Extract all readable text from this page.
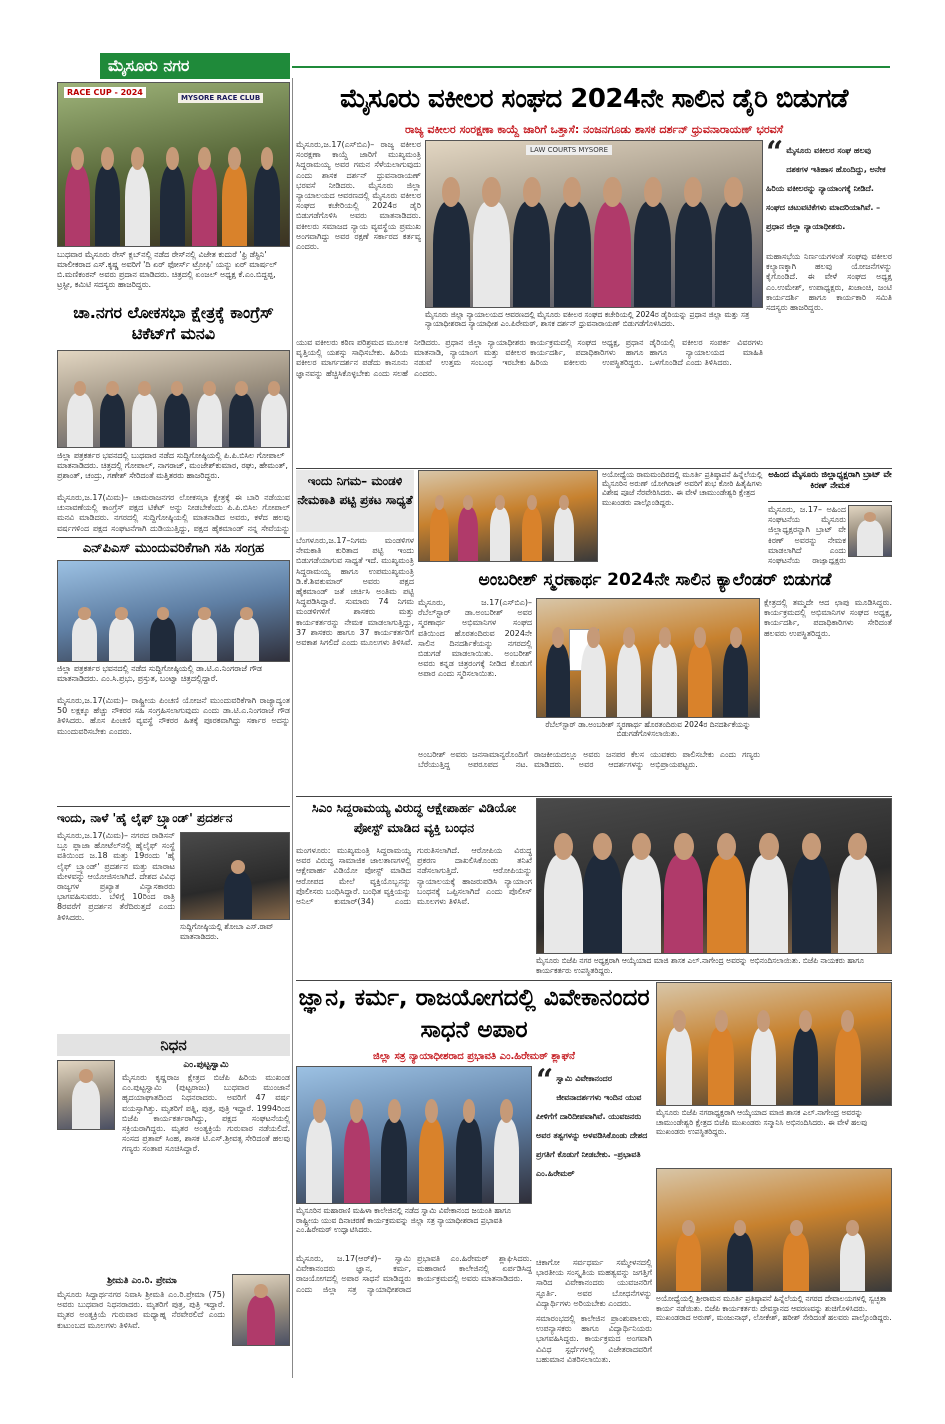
ಮೈಸೂರು ನಗರ
RACE CUP - 2024
MYSORE RACE CLUB
ಬುಧವಾರ ಮೈಸೂರು ರೇಸ್ ಕ್ಲಬ್‌ನಲ್ಲಿ ನಡೆದ ರೇಸ್‌ನಲ್ಲಿ ವಿಜೇತ ಕುದುರೆ 'ಫ್ರಿ ಡೆಸ್ಟಿನಿ' ಮಾಲೀಕರಾದ ಎಸ್.ಕೃಷ್ಣ ಅವರಿಗೆ 'ದಿ ಏರ್ ಫೋರ್ಸ್ ಟ್ರೋಫಿ' ಯನ್ನು ಏರ್ ಮಾರ್ಷಲ್ ಬಿ.ಮಣಿಕಂಠನ್ ಅವರು ಪ್ರದಾನ ಮಾಡಿದರು. ಚಿತ್ರದಲ್ಲಿ ಏಂಜಲ್ ಅಧ್ಯಕ್ಷ ಕೆ.ಎಂ.ಬಿದ್ದಪ್ಪ, ಟ್ರಸ್ಟೀ, ಕಮಿಟಿ ಸದಸ್ಯರು ಹಾಜರಿದ್ದರು.
ಚಾ.ನಗರ ಲೋಕಸಭಾ ಕ್ಷೇತ್ರಕ್ಕೆ ಕಾಂಗ್ರೆಸ್ ಟಿಕೆಟ್‌ಗೆ ಮನವಿ
ಜಿಲ್ಲಾ ಪತ್ರಕರ್ತರ ಭವನದಲ್ಲಿ ಬುಧವಾರ ನಡೆದ ಸುದ್ದಿಗೋಷ್ಠಿಯಲ್ಲಿ ಪಿ.ಪಿ.ಬಿಸಿಲ ಗೋಪಾಲ್ ಮಾತನಾಡಿದರು. ಚಿತ್ರದಲ್ಲಿ ಗೋಪಾಲ್, ನಾಗರಾಜ್, ಮಂಜೇಶ್‌ಕುಮಾರ, ರಘು, ಹೇಮಂತ್, ಪ್ರಶಾಂತ್, ಚಂದ್ರು, ಗಣೇಶ್ ಸೇರಿದಂತೆ ಮತ್ತಿತರರು ಹಾಜರಿದ್ದರು.
ಮೈಸೂರು,ಜ.17(ಮಿಮ)– ಚಾಮರಾಜನಗರ ಲೋಕಸಭಾ ಕ್ಷೇತ್ರಕ್ಕೆ ಈ ಬಾರಿ ನಡೆಯುವ ಚುನಾವಣೆಯಲ್ಲಿ ಕಾಂಗ್ರೆಸ್ ಪಕ್ಷದ ಟಿಕೆಟ್ ಅನ್ನು ನೀಡಬೇಕೆಂದು ಪಿ.ಪಿ.ಬಿಸಿಲ ಗೋಪಾಲ್ ಮನವಿ ಮಾಡಿದರು. ನಗರದಲ್ಲಿ ಸುದ್ದಿಗೋಷ್ಠಿಯಲ್ಲಿ ಮಾತನಾಡಿದ ಅವರು, ಕಳೆದ ಹಲವು ವರ್ಷಗಳಿಂದ ಪಕ್ಷದ ಸಂಘಟನೆಗಾಗಿ ದುಡಿಯುತ್ತಿದ್ದು, ಪಕ್ಷದ ಹೈಕಮಾಂಡ್ ನನ್ನ ಸೇವೆಯನ್ನು
ಎನ್‌ಪಿಎಸ್ ಮುಂದುವರಿಕೆಗಾಗಿ ಸಹಿ ಸಂಗ್ರಹ
ಜಿಲ್ಲಾ ಪತ್ರಕರ್ತರ ಭವನದಲ್ಲಿ ನಡೆದ ಸುದ್ದಿಗೋಷ್ಠಿಯಲ್ಲಿ ಡಾ.ಟಿ.ಎ.ನಿಂಗರಾಜೆ ಗೌಡ ಮಾತನಾಡಿದರು. ಎಂ.ಸಿ.ಪ್ರಭು, ಪ್ರಸ್ತುತ, ಬಂಟ್ವಾ ಚಿತ್ರದಲ್ಲಿದ್ದಾರೆ.
ಮೈಸೂರು,ಜ.17(ಮಿಮ)– ರಾಷ್ಟ್ರೀಯ ಪಿಂಚಣಿ ಯೋಜನೆ ಮುಂದುವರಿಕೆಗಾಗಿ ರಾಜ್ಯಾದ್ಯಂತ 50 ಲಕ್ಷಕ್ಕೂ ಹೆಚ್ಚು ನೌಕರರ ಸಹಿ ಸಂಗ್ರಹಿಸಲಾಗುವುದು ಎಂದು ಡಾ.ಟಿ.ಎ.ನಿಂಗರಾಜೆ ಗೌಡ ತಿಳಿಸಿದರು. ಹೊಸ ಪಿಂಚಣಿ ವ್ಯವಸ್ಥೆ ನೌಕರರ ಹಿತಕ್ಕೆ ಪೂರಕವಾಗಿದ್ದು ಸರ್ಕಾರ ಅದನ್ನು ಮುಂದುವರಿಸಬೇಕು ಎಂದರು.
ಇಂದು, ನಾಳೆ 'ಹೈ ಲೈಫ್ ಬ್ರ್ಯಾಂಡ್' ಪ್ರದರ್ಶನ
ಮೈಸೂರು,ಜ.17(ಮಿಮ)– ನಗರದ ರಾಡಿಸನ್ ಬ್ಲೂ ಪ್ಲಾಜಾ ಹೋಟೆಲ್‌ನಲ್ಲಿ ಹೈಲೈಫ್ ಸಂಸ್ಥೆ ವತಿಯಿಂದ ಜ.18 ಮತ್ತು 19ರಂದು 'ಹೈ ಲೈಫ್ ಬ್ರ್ಯಾಂಡ್' ಪ್ರದರ್ಶನ ಮತ್ತು ಮಾರಾಟ ಮೇಳವನ್ನು ಆಯೋಜಿಸಲಾಗಿದೆ. ದೇಶದ ವಿವಿಧ ರಾಜ್ಯಗಳ ಪ್ರಖ್ಯಾತ ವಿನ್ಯಾಸಕಾರರು ಭಾಗವಹಿಸುವರು. ಬೆಳಿಗ್ಗೆ 10ರಿಂದ ರಾತ್ರಿ 8ರವರೆಗೆ ಪ್ರದರ್ಶನ ತೆರೆದಿರುತ್ತದೆ ಎಂದು ತಿಳಿಸಿದರು.
ಸುದ್ದಿಗೋಷ್ಠಿಯಲ್ಲಿ ಶೋಬಾ ಎಸ್.ರಾವ್ ಮಾತನಾಡಿದರು.
ನಿಧನ
ಎಂ.ಪುಟ್ಟಸ್ವಾಮಿ
ಮೈಸೂರು ಕೃಷ್ಣರಾಜ ಕ್ಷೇತ್ರದ ಬಿಜೆಪಿ ಹಿರಿಯ ಮುಖಂಡ ಎಂ.ಪುಟ್ಟಸ್ವಾಮಿ (ಪುಟ್ಟರಾಜು) ಬುಧವಾರ ಮುಂಜಾನೆ ಹೃದಯಾಘಾತದಿಂದ ನಿಧನರಾದರು. ಅವರಿಗೆ 47 ವರ್ಷ ವಯಸ್ಸಾಗಿತ್ತು. ಮೃತರಿಗೆ ಪತ್ನಿ, ಪುತ್ರ, ಪುತ್ರಿ ಇದ್ದಾರೆ. 1994ರಿಂದ ಬಿಜೆಪಿ ಕಾರ್ಯಕರ್ತರಾಗಿದ್ದು, ಪಕ್ಷದ ಸಂಘಟನೆಯಲ್ಲಿ ಸಕ್ರಿಯರಾಗಿದ್ದರು. ಮೃತರ ಅಂತ್ಯಕ್ರಿಯೆ ಗುರುವಾರ ನಡೆಯಲಿದೆ. ಸಂಸದ ಪ್ರತಾಪ್ ಸಿಂಹ, ಶಾಸಕ ಟಿ.ಎಸ್.ಶ್ರೀವತ್ಸ ಸೇರಿದಂತೆ ಹಲವು ಗಣ್ಯರು ಸಂತಾಪ ಸೂಚಿಸಿದ್ದಾರೆ.
ಶ್ರೀಮತಿ ಎಂ.ರಿ. ಪ್ರೇಮಾ
ಮೈಸೂರು ಸಿದ್ದಾರ್ಥನಗರ ನಿವಾಸಿ ಶ್ರೀಮತಿ ಎಂ.ರಿ.ಪ್ರೇಮಾ (75) ಅವರು ಬುಧವಾರ ನಿಧನರಾದರು. ಮೃತರಿಗೆ ಪುತ್ರ, ಪುತ್ರಿ ಇದ್ದಾರೆ. ಮೃತರ ಅಂತ್ಯಕ್ರಿಯೆ ಗುರುವಾರ ಮಧ್ಯಾಹ್ನ ನೆರವೇರಲಿದೆ ಎಂದು ಕುಟುಂಬದ ಮೂಲಗಳು ತಿಳಿಸಿವೆ.
ಮೈಸೂರು ವಕೀಲರ ಸಂಘದ 2024ನೇ ಸಾಲಿನ ಡೈರಿ ಬಿಡುಗಡೆ
ರಾಜ್ಯ ವಕೀಲರ ಸಂರಕ್ಷಣಾ ಕಾಯ್ದೆ ಜಾರಿಗೆ ಒತ್ತಾಸೆ: ನಂಜನಗೂಡು ಶಾಸಕ ದರ್ಶನ್ ಧ್ರುವನಾರಾಯಣ್ ಭರವಸೆ
ಮೈಸೂರು,ಜ.17(ಎಸ್‌ಬಿಎ)– ರಾಜ್ಯ ವಕೀಲರ ಸಂರಕ್ಷಣಾ ಕಾಯ್ದೆ ಜಾರಿಗೆ ಮುಖ್ಯಮಂತ್ರಿ ಸಿದ್ದರಾಮಯ್ಯ ಅವರ ಗಮನ ಸೆಳೆಯಲಾಗುವುದು ಎಂದು ಶಾಸಕ ದರ್ಶನ್ ಧ್ರುವನಾರಾಯಣ್ ಭರವಸೆ ನೀಡಿದರು. ಮೈಸೂರು ಜಿಲ್ಲಾ ನ್ಯಾಯಾಲಯದ ಆವರಣದಲ್ಲಿ ಮೈಸೂರು ವಕೀಲರ ಸಂಘದ ಕಚೇರಿಯಲ್ಲಿ 2024ರ ಡೈರಿ ಬಿಡುಗಡೆಗೊಳಿಸಿ ಅವರು ಮಾತನಾಡಿದರು. ವಕೀಲರು ಸಮಾಜದ ನ್ಯಾಯ ವ್ಯವಸ್ಥೆಯ ಪ್ರಮುಖ ಅಂಗವಾಗಿದ್ದು ಅವರ ರಕ್ಷಣೆ ಸರ್ಕಾರದ ಕರ್ತವ್ಯ ಎಂದರು.
LAW COURTS MYSORE
ಮೈಸೂರು ಜಿಲ್ಲಾ ನ್ಯಾಯಾಲಯದ ಆವರಣದಲ್ಲಿ ಮೈಸೂರು ವಕೀಲರ ಸಂಘದ ಕಚೇರಿಯಲ್ಲಿ 2024ರ ಡೈರಿಯನ್ನು ಪ್ರಧಾನ ಜಿಲ್ಲಾ ಮತ್ತು ಸತ್ರ ನ್ಯಾಯಾಧೀಶರಾದ ನ್ಯಾಯಾಧೀಶ ಎಂ.ಪಿರೇಮಠ್, ಶಾಸಕ ದರ್ಶನ್ ಧ್ರುವನಾರಾಯಣ್ ಬಿಡುಗಡೆಗೊಳಿಸಿದರು.
ಯುವ ವಕೀಲರು ಕಠಿಣ ಪರಿಶ್ರಮದ ಮೂಲಕ ವೃತ್ತಿಯಲ್ಲಿ ಯಶಸ್ಸು ಸಾಧಿಸಬೇಕು. ಹಿರಿಯ ವಕೀಲರ ಮಾರ್ಗದರ್ಶನ ಪಡೆದು ಕಾನೂನು ಜ್ಞಾನವನ್ನು ಹೆಚ್ಚಿಸಿಕೊಳ್ಳಬೇಕು ಎಂದು ಸಲಹೆ ನೀಡಿದರು. ಪ್ರಧಾನ ಜಿಲ್ಲಾ ನ್ಯಾಯಾಧೀಶರು ಮಾತನಾಡಿ, ನ್ಯಾಯಾಂಗ ಮತ್ತು ವಕೀಲರ ನಡುವೆ ಉತ್ತಮ ಸಂಬಂಧ ಇರಬೇಕು ಎಂದರು.
ಕಾರ್ಯಕ್ರಮದಲ್ಲಿ ಸಂಘದ ಅಧ್ಯಕ್ಷ, ಪ್ರಧಾನ ಕಾರ್ಯದರ್ಶಿ, ಪದಾಧಿಕಾರಿಗಳು ಹಾಗೂ ಹಿರಿಯ ವಕೀಲರು ಉಪಸ್ಥಿತರಿದ್ದರು. ಡೈರಿಯಲ್ಲಿ ವಕೀಲರ ಸಂಪರ್ಕ ವಿವರಗಳು ಹಾಗೂ ನ್ಯಾಯಾಲಯದ ಮಾಹಿತಿ ಒಳಗೊಂಡಿದೆ ಎಂದು ತಿಳಿಸಿದರು.
“ ಮೈಸೂರು ವಕೀಲರ ಸಂಘ ಹಲವು ದಶಕಗಳ ಇತಿಹಾಸ ಹೊಂದಿದ್ದು, ಅನೇಕ ಹಿರಿಯ ವಕೀಲರನ್ನು ನ್ಯಾಯಾಂಗಕ್ಕೆ ನೀಡಿದೆ. ಸಂಘದ ಚಟುವಟಿಕೆಗಳು ಮಾದರಿಯಾಗಿವೆ. –ಪ್ರಧಾನ ಜಿಲ್ಲಾ ನ್ಯಾಯಾಧೀಶರು.
ಮಹಾಸಭೆಯ ನಿರ್ಣಯಗಳಂತೆ ಸಂಘವು ವಕೀಲರ ಕಲ್ಯಾಣಕ್ಕಾಗಿ ಹಲವು ಯೋಜನೆಗಳನ್ನು ಕೈಗೊಂಡಿದೆ. ಈ ವೇಳೆ ಸಂಘದ ಅಧ್ಯಕ್ಷ ಎಂ.ಉಮೇಶ್, ಉಪಾಧ್ಯಕ್ಷರು, ಖಜಾಂಚಿ, ಜಂಟಿ ಕಾರ್ಯದರ್ಶಿ ಹಾಗೂ ಕಾರ್ಯಕಾರಿ ಸಮಿತಿ ಸದಸ್ಯರು ಹಾಜರಿದ್ದರು.
ಇಂದು ನಿಗಮ– ಮಂಡಳಿ ನೇಮಕಾತಿ ಪಟ್ಟಿ ಪ್ರಕಟ ಸಾಧ್ಯತೆ
ಬೆಂಗಳೂರು,ಜ.17–ನಿಗಮ ಮಂಡಳಿಗಳ ನೇಮಕಾತಿ ಕುರಿತಾದ ಪಟ್ಟಿ ಇಂದು ಬಿಡುಗಡೆಯಾಗುವ ಸಾಧ್ಯತೆ ಇದೆ. ಮುಖ್ಯಮಂತ್ರಿ ಸಿದ್ದರಾಮಯ್ಯ ಹಾಗೂ ಉಪಮುಖ್ಯಮಂತ್ರಿ ಡಿ.ಕೆ.ಶಿವಕುಮಾರ್ ಅವರು ಪಕ್ಷದ ಹೈಕಮಾಂಡ್ ಜತೆ ಚರ್ಚಿಸಿ ಅಂತಿಮ ಪಟ್ಟಿ ಸಿದ್ಧಪಡಿಸಿದ್ದಾರೆ. ಸುಮಾರು 74 ನಿಗಮ ಮಂಡಳಿಗಳಿಗೆ ಶಾಸಕರು ಮತ್ತು ಕಾರ್ಯಕರ್ತರನ್ನು ನೇಮಕ ಮಾಡಲಾಗುತ್ತಿದ್ದು, 37 ಶಾಸಕರು ಹಾಗೂ 37 ಕಾರ್ಯಕರ್ತರಿಗೆ ಅವಕಾಶ ಸಿಗಲಿದೆ ಎಂದು ಮೂಲಗಳು ತಿಳಿಸಿವೆ.
ಅಯೋಧ್ಯೆಯ ರಾಮಮಂದಿರದಲ್ಲಿ ಮೂರ್ತಿ ಪ್ರತಿಷ್ಠಾಪನೆ ಹಿನ್ನೆಲೆಯಲ್ಲಿ ಮೈಸೂರಿನ ಅರುಣ್ ಯೋಗಿರಾಜ್ ಅವರಿಗೆ ಶುಭ ಕೋರಿ ಹಿತೈಷಿಗಳು ವಿಶೇಷ ಪೂಜೆ ನೆರವೇರಿಸಿದರು. ಈ ವೇಳೆ ಚಾಮುಂಡೇಶ್ವರಿ ಕ್ಷೇತ್ರದ ಮುಖಂಡರು ಪಾಲ್ಗೊಂಡಿದ್ದರು.
ಅಹಿಂದ ಮೈಸೂರು ಜಿಲ್ಲಾಧ್ಯಕ್ಷರಾಗಿ ಬ್ರಾಟ್ ವೇ ಕಿರಣ್ ನೇಮಕ
ಮೈಸೂರು, ಜ.17– ಅಹಿಂದ ಸಂಘಟನೆಯ ಮೈಸೂರು ಜಿಲ್ಲಾಧ್ಯಕ್ಷರನ್ನಾಗಿ ಬ್ರಾಟ್ ವೇ ಕಿರಣ್ ಅವರನ್ನು ನೇಮಕ ಮಾಡಲಾಗಿದೆ ಎಂದು ಸಂಘಟನೆಯ ರಾಜ್ಯಾಧ್ಯಕ್ಷರು
ಅಂಬರೀಶ್ ಸ್ಮರಣಾರ್ಥ 2024ನೇ ಸಾಲಿನ ಕ್ಯಾಲೆಂಡರ್ ಬಿಡುಗಡೆ
ಮೈಸೂರು, ಜ.17(ಎಸ್‌ಬಿಎ)– ರೆಬೆಲ್‌ಸ್ಟಾರ್ ಡಾ.ಅಂಬರೀಶ್ ಅವರ ಸ್ಮರಣಾರ್ಥ ಅಭಿಮಾನಿಗಳ ಸಂಘದ ವತಿಯಿಂದ ಹೊರತಂದಿರುವ 2024ನೇ ಸಾಲಿನ ದಿನದರ್ಶಿಕೆಯನ್ನು ನಗರದಲ್ಲಿ ಬಿಡುಗಡೆ ಮಾಡಲಾಯಿತು. ಅಂಬರೀಶ್ ಅವರು ಕನ್ನಡ ಚಿತ್ರರಂಗಕ್ಕೆ ನೀಡಿದ ಕೊಡುಗೆ ಅಪಾರ ಎಂದು ಸ್ಮರಿಸಲಾಯಿತು.
ರೆಬೆಲ್‌ಸ್ಟಾರ್ ಡಾ.ಅಂಬರೀಶ್ ಸ್ಮರಣಾರ್ಥ ಹೊರತಂದಿರುವ 2024ರ ದಿನದರ್ಶಿಕೆಯನ್ನು ಬಿಡುಗಡೆಗೊಳಿಸಲಾಯಿತು.
ಕ್ಷೇತ್ರದಲ್ಲಿ ತಮ್ಮದೇ ಆದ ಛಾಪು ಮೂಡಿಸಿದ್ದರು. ಕಾರ್ಯಕ್ರಮದಲ್ಲಿ ಅಭಿಮಾನಿಗಳ ಸಂಘದ ಅಧ್ಯಕ್ಷ, ಕಾರ್ಯದರ್ಶಿ, ಪದಾಧಿಕಾರಿಗಳು ಸೇರಿದಂತೆ ಹಲವರು ಉಪಸ್ಥಿತರಿದ್ದರು.
ಅಂಬರೀಶ್ ಅವರು ಜನಸಾಮಾನ್ಯರೊಂದಿಗೆ ಬೆರೆಯುತ್ತಿದ್ದ ಅಪರೂಪದ ನಟ. ರಾಜಕೀಯದಲ್ಲೂ ಅವರು ಜನಪರ ಕೆಲಸ ಮಾಡಿದರು. ಅವರ ಆದರ್ಶಗಳನ್ನು ಯುವಕರು ಪಾಲಿಸಬೇಕು ಎಂದು ಗಣ್ಯರು ಅಭಿಪ್ರಾಯಪಟ್ಟರು.
ಸಿಎಂ ಸಿದ್ದರಾಮಯ್ಯ ವಿರುದ್ಧ ಆಕ್ಷೇಪಾರ್ಹ ವಿಡಿಯೋ ಪೋಸ್ಟ್ ಮಾಡಿದ ವ್ಯಕ್ತಿ ಬಂಧನ
ಮಂಗಳೂರು: ಮುಖ್ಯಮಂತ್ರಿ ಸಿದ್ದರಾಮಯ್ಯ ಅವರ ವಿರುದ್ಧ ಸಾಮಾಜಿಕ ಜಾಲತಾಣಗಳಲ್ಲಿ ಆಕ್ಷೇಪಾರ್ಹ ವಿಡಿಯೋ ಪೋಸ್ಟ್ ಮಾಡಿದ ಆರೋಪದ ಮೇಲೆ ವ್ಯಕ್ತಿಯೊಬ್ಬನನ್ನು ಪೊಲೀಸರು ಬಂಧಿಸಿದ್ದಾರೆ. ಬಂಧಿತ ವ್ಯಕ್ತಿಯನ್ನು ಅನಿಲ್ ಕುಮಾರ್(34) ಎಂದು ಗುರುತಿಸಲಾಗಿದೆ. ಆರೋಪಿಯ ವಿರುದ್ಧ ಪ್ರಕರಣ ದಾಖಲಿಸಿಕೊಂಡು ತನಿಖೆ ನಡೆಸಲಾಗುತ್ತಿದೆ. ಆರೋಪಿಯನ್ನು ನ್ಯಾಯಾಲಯಕ್ಕೆ ಹಾಜರುಪಡಿಸಿ ನ್ಯಾಯಾಂಗ ಬಂಧನಕ್ಕೆ ಒಪ್ಪಿಸಲಾಗಿದೆ ಎಂದು ಪೊಲೀಸ್ ಮೂಲಗಳು ತಿಳಿಸಿವೆ.
ಮೈಸೂರು ಬಿಜೆಪಿ ನಗರ ಅಧ್ಯಕ್ಷರಾಗಿ ಆಯ್ಕೆಯಾದ ಮಾಜಿ ಶಾಸಕ ಎಲ್.ನಾಗೇಂದ್ರ ಅವರನ್ನು ಅಭಿನಂದಿಸಲಾಯಿತು. ಬಿಜೆಪಿ ನಾಯಕರು ಹಾಗೂ ಕಾರ್ಯಕರ್ತರು ಉಪಸ್ಥಿತರಿದ್ದರು.
ಜ್ಞಾನ, ಕರ್ಮ, ರಾಜಯೋಗದಲ್ಲಿ ವಿವೇಕಾನಂದರ ಸಾಧನೆ ಅಪಾರ
ಜಿಲ್ಲಾ ಸತ್ರ ನ್ಯಾಯಾಧೀಶರಾದ ಪ್ರಭಾವತಿ ಎಂ.ಹಿರೇಮಠ್ ಶ್ಲಾಘನೆ
ಮೈಸೂರಿನ ಮಹಾರಾಣಿ ಮಹಿಳಾ ಕಾಲೇಜಿನಲ್ಲಿ ನಡೆದ ಸ್ವಾಮಿ ವಿವೇಕಾನಂದ ಜಯಂತಿ ಹಾಗೂ ರಾಷ್ಟ್ರೀಯ ಯುವ ದಿನಾಚರಣೆ ಕಾರ್ಯಕ್ರಮವನ್ನು ಜಿಲ್ಲಾ ಸತ್ರ ನ್ಯಾಯಾಧೀಶರಾದ ಪ್ರಭಾವತಿ ಎಂ.ಹಿರೇಮಠ್ ಉದ್ಘಾಟಿಸಿದರು.
“ ಸ್ವಾಮಿ ವಿವೇಕಾನಂದರ ಜೀವನಾದರ್ಶಗಳು ಇಂದಿನ ಯುವ ಪೀಳಿಗೆಗೆ ದಾರಿದೀಪವಾಗಿವೆ. ಯುವಜನರು ಅವರ ತತ್ವಗಳನ್ನು ಅಳವಡಿಸಿಕೊಂಡು ದೇಶದ ಪ್ರಗತಿಗೆ ಕೊಡುಗೆ ನೀಡಬೇಕು. –ಪ್ರಭಾವತಿ ಎಂ.ಹಿರೇಮಠ್
ಮೈಸೂರು, ಜ.17(ಆರ್‌ಕೆ)– ಸ್ವಾಮಿ ವಿವೇಕಾನಂದರು ಜ್ಞಾನ, ಕರ್ಮ, ರಾಜಯೋಗದಲ್ಲಿ ಅಪಾರ ಸಾಧನೆ ಮಾಡಿದ್ದರು ಎಂದು ಜಿಲ್ಲಾ ಸತ್ರ ನ್ಯಾಯಾಧೀಶರಾದ ಪ್ರಭಾವತಿ ಎಂ.ಹಿರೇಮಠ್ ಶ್ಲಾಘಿಸಿದರು. ಮಹಾರಾಣಿ ಕಾಲೇಜಿನಲ್ಲಿ ಏರ್ಪಡಿಸಿದ್ದ ಕಾರ್ಯಕ್ರಮದಲ್ಲಿ ಅವರು ಮಾತನಾಡಿದರು.
ಚಿಕಾಗೋ ಸರ್ವಧರ್ಮ ಸಮ್ಮೇಳನದಲ್ಲಿ ಭಾರತೀಯ ಸಂಸ್ಕೃತಿಯ ಮಹತ್ವವನ್ನು ಜಗತ್ತಿಗೆ ಸಾರಿದ ವಿವೇಕಾನಂದರು ಯುವಜನರಿಗೆ ಸ್ಫೂರ್ತಿ. ಅವರ ಬೋಧನೆಗಳನ್ನು ವಿದ್ಯಾರ್ಥಿಗಳು ಅರಿಯಬೇಕು ಎಂದರು.
ಸಮಾರಂಭದಲ್ಲಿ ಕಾಲೇಜಿನ ಪ್ರಾಂಶುಪಾಲರು, ಉಪನ್ಯಾಸಕರು ಹಾಗೂ ವಿದ್ಯಾರ್ಥಿನಿಯರು ಭಾಗವಹಿಸಿದ್ದರು. ಕಾರ್ಯಕ್ರಮದ ಅಂಗವಾಗಿ ವಿವಿಧ ಸ್ಪರ್ಧೆಗಳಲ್ಲಿ ವಿಜೇತರಾದವರಿಗೆ ಬಹುಮಾನ ವಿತರಿಸಲಾಯಿತು.
ಮೈಸೂರು ಬಿಜೆಪಿ ನಗರಾಧ್ಯಕ್ಷರಾಗಿ ಆಯ್ಕೆಯಾದ ಮಾಜಿ ಶಾಸಕ ಎಲ್.ನಾಗೇಂದ್ರ ಅವರನ್ನು ಚಾಮುಂಡೇಶ್ವರಿ ಕ್ಷೇತ್ರದ ಬಿಜೆಪಿ ಮುಖಂಡರು ಸನ್ಮಾನಿಸಿ ಅಭಿನಂದಿಸಿದರು. ಈ ವೇಳೆ ಹಲವು ಮುಖಂಡರು ಉಪಸ್ಥಿತರಿದ್ದರು.
ಅಯೋಧ್ಯೆಯಲ್ಲಿ ಶ್ರೀರಾಮನ ಮೂರ್ತಿ ಪ್ರತಿಷ್ಠಾಪನೆ ಹಿನ್ನೆಲೆಯಲ್ಲಿ ನಗರದ ದೇವಾಲಯಗಳಲ್ಲಿ ಸ್ವಚ್ಛತಾ ಕಾರ್ಯ ನಡೆಯಿತು. ಬಿಜೆಪಿ ಕಾರ್ಯಕರ್ತರು ದೇವಸ್ಥಾನದ ಆವರಣವನ್ನು ಶುಚಿಗೊಳಿಸಿದರು. ಮುಖಂಡರಾದ ಅರುಣ್, ಮಂಜುನಾಥ್, ಲೋಕೇಶ್, ಹರೀಶ್ ಸೇರಿದಂತೆ ಹಲವರು ಪಾಲ್ಗೊಂಡಿದ್ದರು.
